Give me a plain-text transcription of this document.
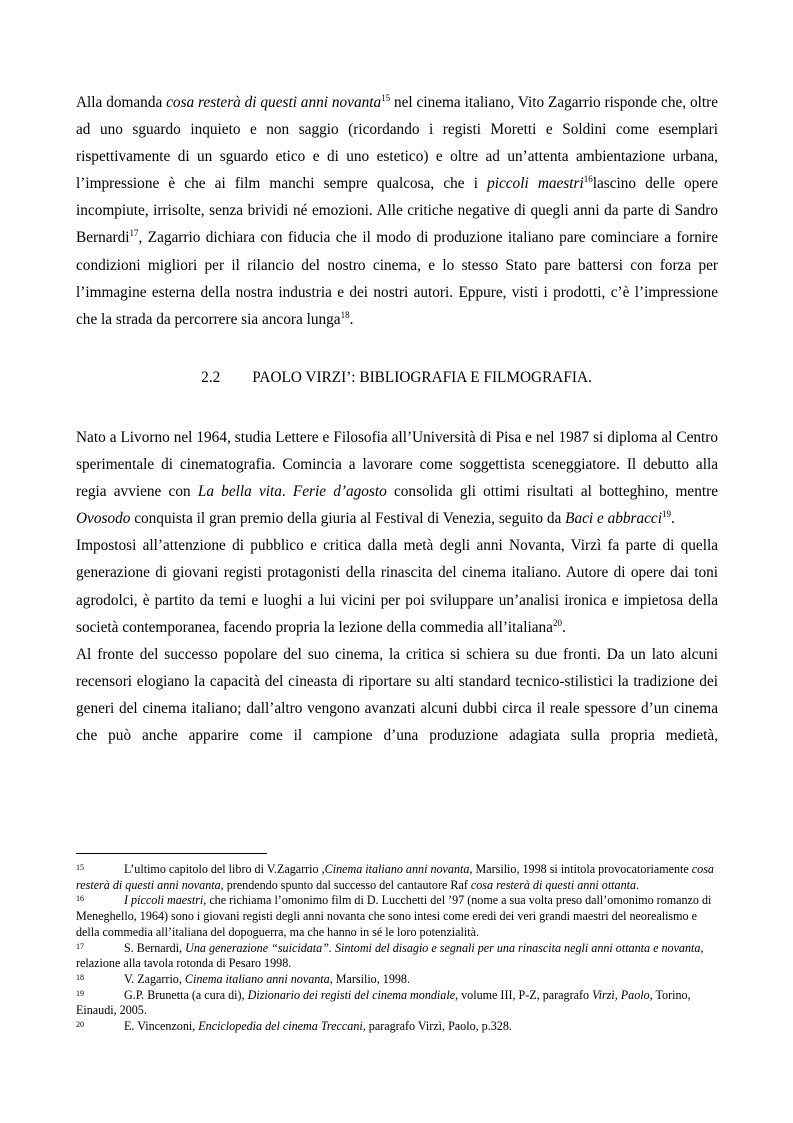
Alla domanda cosa resterà di questi anni novanta$^{15}$ nel cinema italiano, Vito Zagarrio risponde che, oltre ad uno sguardo inquieto e non saggio (ricordando i registi Moretti e Soldini come esemplari rispettivamente di un sguardo etico e di uno estetico) e oltre ad un’attenta ambientazione urbana, l’impressione è che ai film manchi sempre qualcosa, che i piccoli maestri$^{16}$lascino delle opere incompiute, irrisolte, senza brividi né emozioni. Alle critiche negative di quegli anni da parte di Sandro Bernardi$^{17}$, Zagarrio dichiara con fiducia che il modo di produzione italiano pare cominciare a fornire condizioni migliori per il rilancio del nostro cinema, e lo stesso Stato pare battersi con forza per l’immagine esterna della nostra industria e dei nostri autori. Eppure, visti i prodotti, c’è l’impressione che la strada da percorrere sia ancora lunga$^{18}$.

2.2 PAOLO VIRZI’: BIBLIOGRAFIA E FILMOGRAFIA.

Nato a Livorno nel 1964, studia Lettere e Filosofia all’Università di Pisa e nel 1987 si diploma al Centro sperimentale di cinematografia. Comincia a lavorare come soggettista sceneggiatore. Il debutto alla regia avviene con La bella vita. Ferie d’agosto consolida gli ottimi risultati al botteghino, mentre Ovosodo conquista il gran premio della giuria al Festival di Venezia, seguito da Baci e abbracci$^{19}$.

Impostosi all’attenzione di pubblico e critica dalla metà degli anni Novanta, Virzì fa parte di quella generazione di giovani registi protagonisti della rinascita del cinema italiano. Autore di opere dai toni agrodolci, è partito da temi e luoghi a lui vicini per poi sviluppare un’analisi ironica e impietosa della società contemporanea, facendo propria la lezione della commedia all’italiana$^{20}$.

Al fronte del successo popolare del suo cinema, la critica si schiera su due fronti. Da un lato alcuni recensori elogiano la capacità del cineasta di riportare su alti standard tecnico-stilistici la tradizione dei generi del cinema italiano; dall’altro vengono avanzati alcuni dubbi circa il reale spessore d’un cinema che può anche apparire come il campione d’una produzione adagiata sulla propria medietà,

15	L’ultimo capitolo del libro di V.Zagarrio ,Cinema italiano anni novanta, Marsilio, 1998 si intitola provocatoriamente cosa resterà di questi anni novanta, prendendo spunto dal successo del cantautore Raf cosa resterà di questi anni ottanta.

16	I piccoli maestri, che richiama l’omonimo film di D. Lucchetti del ’97 (nome a sua volta preso dall’omonimo romanzo di Meneghello, 1964) sono i giovani registi degli anni novanta che sono intesi come eredi dei veri grandi maestri del neorealismo e della commedia all’italiana del dopoguerra, ma che hanno in sé le loro potenzialità.

17	S. Bernardi, Una generazione “suicidata”. Sintomi del disagio e segnali per una rinascita negli anni ottanta e novanta, relazione alla tavola rotonda di Pesaro 1998.

18	V. Zagarrio, Cinema italiano anni novanta, Marsilio, 1998.

19	G.P. Brunetta (a cura di), Dizionario dei registi del cinema mondiale, volume III, P-Z, paragrafo Virzì, Paolo, Torino, Einaudi, 2005.

20	E. Vincenzoni, Enciclopedia del cinema Treccani, paragrafo Virzì, Paolo, p.328.
